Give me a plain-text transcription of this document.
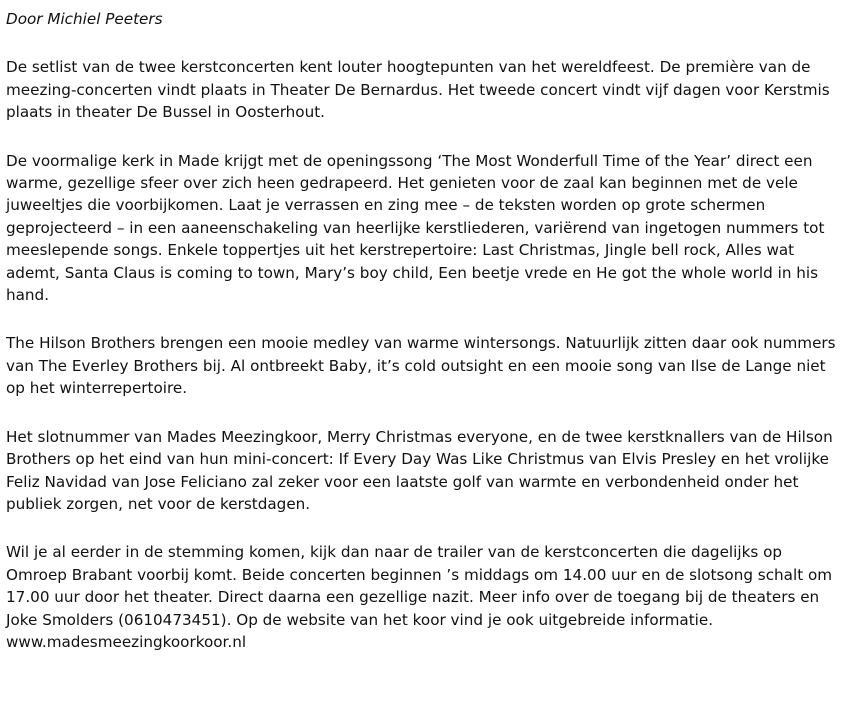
Door Michiel Peeters

De setlist van de twee kerstconcerten kent louter hoogtepunten van het wereldfeest. De première van de meezing-concerten vindt plaats in Theater De Bernardus. Het tweede concert vindt vijf dagen voor Kerstmis plaats in theater De Bussel in Oosterhout.

De voormalige kerk in Made krijgt met de openingssong ‘The Most Wonderfull Time of the Year’ direct een warme, gezellige sfeer over zich heen gedrapeerd. Het genieten voor de zaal kan beginnen met de vele juweeltjes die voorbijkomen. Laat je verrassen en zing mee – de teksten worden op grote schermen geprojecteerd – in een aaneenschakeling van heerlijke kerstliederen, variërend van ingetogen nummers tot meeslepende songs. Enkele toppertjes uit het kerstrepertoire: Last Christmas, Jingle bell rock, Alles wat ademt, Santa Claus is coming to town, Mary’s boy child, Een beetje vrede en He got the whole world in his hand.

The Hilson Brothers brengen een mooie medley van warme wintersongs. Natuurlijk zitten daar ook nummers van The Everley Brothers bij. Al ontbreekt Baby, it’s cold outsight en een mooie song van Ilse de Lange niet op het winterrepertoire.

Het slotnummer van Mades Meezingkoor, Merry Christmas everyone, en de twee kerstknallers van de Hilson Brothers op het eind van hun mini-concert: If Every Day Was Like Christmus van Elvis Presley en het vrolijke Feliz Navidad van Jose Feliciano zal zeker voor een laatste golf van warmte en verbondenheid onder het publiek zorgen, net voor de kerstdagen.

Wil je al eerder in de stemming komen, kijk dan naar de trailer van de kerstconcerten die dagelijks op Omroep Brabant voorbij komt. Beide concerten beginnen ’s middags om 14.00 uur en de slotsong schalt om 17.00 uur door het theater. Direct daarna een gezellige nazit. Meer info over de toegang bij de theaters en Joke Smolders (0610473451). Op de website van het koor vind je ook uitgebreide informatie.
www.madesmeezingkoorkoor.nl
